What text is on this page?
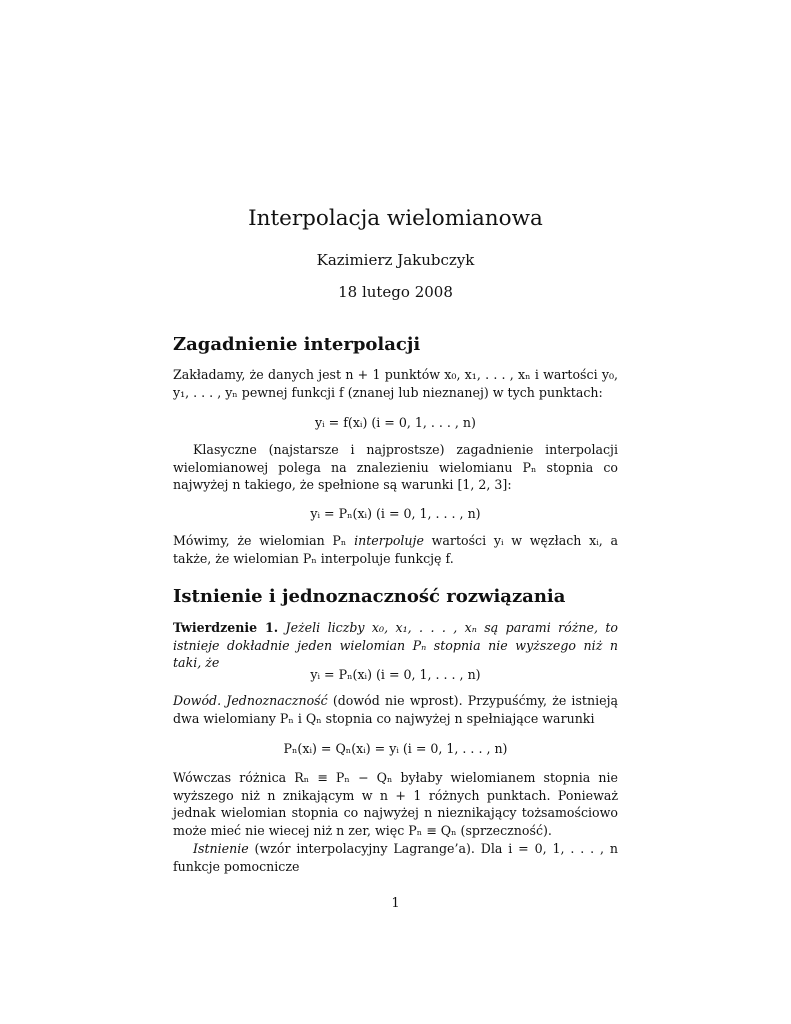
Interpolacja wielomianowa
Kazimierz Jakubczyk
18 lutego 2008
Zagadnienie interpolacji

Zakładamy, że danych jest n + 1 punktów x₀, x₁, . . . , xₙ i wartości y₀, y₁, . . . , yₙ pewnej funkcji f (znanej lub nieznanej) w tych punktach:

yᵢ = f(xᵢ) (i = 0, 1, . . . , n)

Klasyczne (najstarsze i najprostsze) zagadnienie interpolacji wielomianowej polega na znalezieniu wielomianu Pₙ stopnia co najwyżej n takiego, że spełnione są warunki [1, 2, 3]:

yᵢ = Pₙ(xᵢ) (i = 0, 1, . . . , n)

Mówimy, że wielomian Pₙ interpoluje wartości yᵢ w węzłach xᵢ, a także, że wielomian Pₙ interpoluje funkcję f.

Istnienie i jednoznaczność rozwiązania

Twierdzenie 1. Jeżeli liczby x₀, x₁, . . . , xₙ są parami różne, to istnieje dokładnie jeden wielomian Pₙ stopnia nie wyższego niż n taki, że

yᵢ = Pₙ(xᵢ) (i = 0, 1, . . . , n)

Dowód. Jednoznaczność (dowód nie wprost). Przypuśćmy, że istnieją dwa wielomiany Pₙ i Qₙ stopnia co najwyżej n spełniające warunki

Pₙ(xᵢ) = Qₙ(xᵢ) = yᵢ (i = 0, 1, . . . , n)

Wówczas różnica Rₙ ≡ Pₙ − Qₙ byłaby wielomianem stopnia nie wyższego niż n znikającym w n + 1 różnych punktach. Ponieważ jednak wielomian stopnia co najwyżej n nieznikający tożsamościowo może mieć nie wiecej niż n zer, więc Pₙ ≡ Qₙ (sprzeczność).

Istnienie (wzór interpolacyjny Lagrange’a). Dla i = 0, 1, . . . , n funkcje pomocnicze

1
